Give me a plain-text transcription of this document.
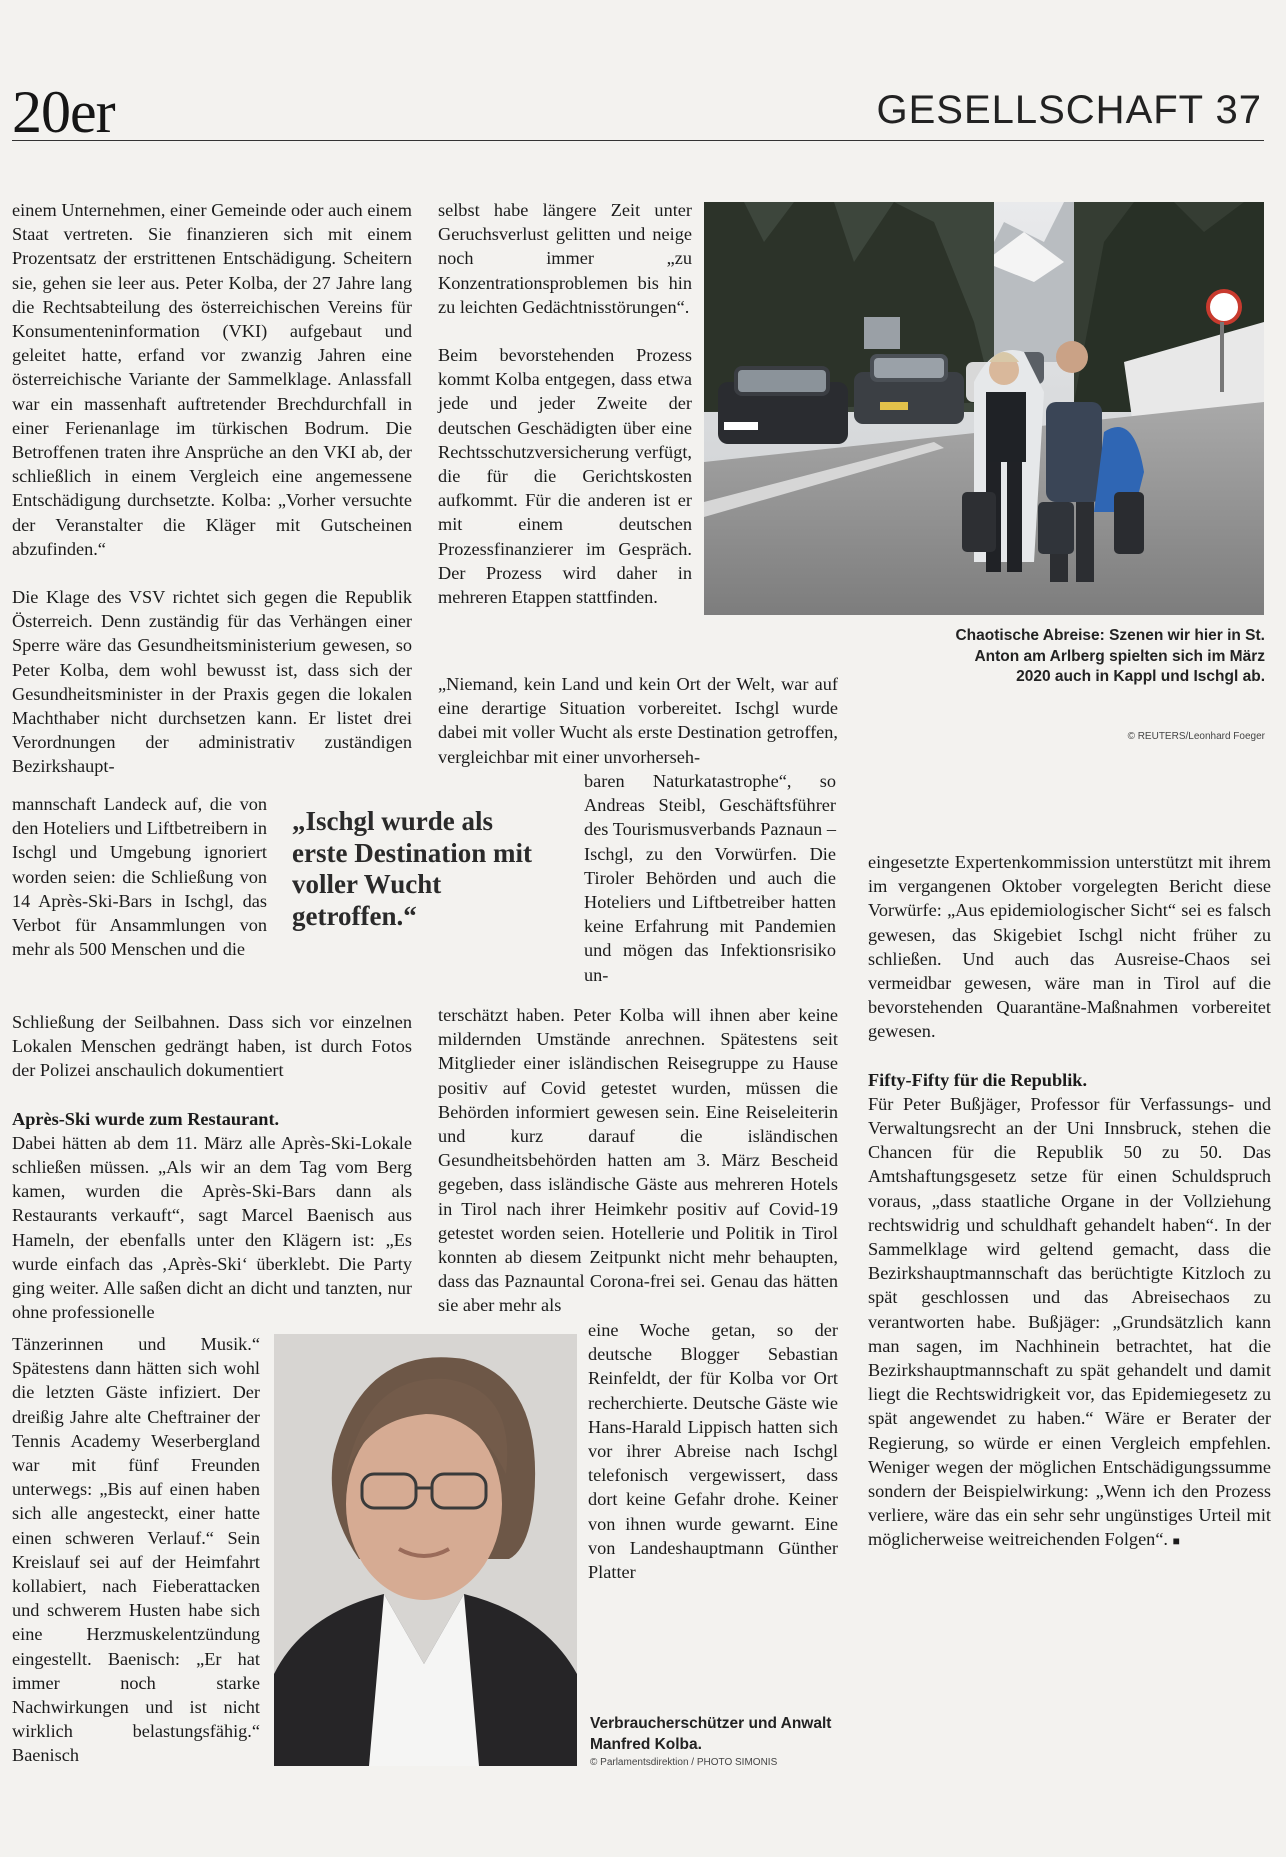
20er	GESELLSCHAFT 37

einem Unternehmen, einer Gemeinde oder auch einem Staat vertreten. Sie finanzieren sich mit einem Prozentsatz der erstrittenen Entschädigung. Scheitern sie, gehen sie leer aus. Peter Kolba, der 27 Jahre lang die Rechtsabteilung des österreichischen Vereins für Konsumenteninformation (VKI) aufgebaut und geleitet hatte, erfand vor zwanzig Jahren eine österreichische Variante der Sammelklage. Anlassfall war ein massenhaft auftretender Brechdurchfall in einer Ferienanlage im türkischen Bodrum. Die Betroffenen traten ihre Ansprüche an den VKI ab, der schließlich in einem Vergleich eine angemessene Entschädigung durchsetzte. Kolba: „Vorher versuchte der Veranstalter die Kläger mit Gutscheinen abzufinden.“

Die Klage des VSV richtet sich gegen die Republik Österreich. Denn zuständig für das Verhängen einer Sperre wäre das Gesundheitsministerium gewesen, so Peter Kolba, dem wohl bewusst ist, dass sich der Gesundheitsminister in der Praxis gegen die lokalen Machthaber nicht durchsetzen kann. Er listet drei Verordnungen der administrativ zuständigen Bezirkshaupt-

mannschaft Landeck auf, die von den Hoteliers und Liftbetreibern in Ischgl und Umgebung ignoriert worden seien: die Schließung von 14 Après-Ski-Bars in Ischgl, das Verbot für Ansammlungen von mehr als 500 Menschen und die

Schließung der Seilbahnen. Dass sich vor einzelnen Lokalen Menschen gedrängt haben, ist durch Fotos der Polizei anschaulich dokumentiert

Après-Ski wurde zum Restaurant.

Dabei hätten ab dem 11. März alle Après-Ski-Lokale schließen müssen. „Als wir an dem Tag vom Berg kamen, wurden die Après-Ski-Bars dann als Restaurants verkauft“, sagt Marcel Baenisch aus Hameln, der ebenfalls unter den Klägern ist: „Es wurde einfach das ‚Après-Ski‘ überklebt. Die Party ging weiter. Alle saßen dicht an dicht und tanzten, nur ohne professionelle

Tänzerinnen und Musik.“ Spätestens dann hätten sich wohl die letzten Gäste infiziert. Der dreißig Jahre alte Cheftrainer der Tennis Academy Weserbergland war mit fünf Freunden unterwegs: „Bis auf einen haben sich alle angesteckt, einer hatte einen schweren Verlauf.“ Sein Kreislauf sei auf der Heimfahrt kollabiert, nach Fieberattacken und schwerem Husten habe sich eine Herzmuskelentzündung eingestellt. Baenisch: „Er hat immer noch starke Nachwirkungen und ist nicht wirklich belastungsfähig.“ Baenisch

„Ischgl wurde als erste Destination mit voller Wucht getroffen.“

selbst habe längere Zeit unter Geruchsverlust gelitten und neige noch immer „zu Konzentrationsproblemen bis hin zu leichten Gedächtnisstörungen“.

Beim bevorstehenden Prozess kommt Kolba entgegen, dass etwa jede und jeder Zweite der deutschen Geschädigten über eine Rechtsschutzversicherung verfügt, die für die Gerichtskosten aufkommt. Für die anderen ist er mit einem deutschen Prozessfinanzierer im Gespräch. Der Prozess wird daher in mehreren Etappen stattfinden.

„Niemand, kein Land und kein Ort der Welt, war auf eine derartige Situation vorbereitet. Ischgl wurde dabei mit voller Wucht als erste Destination getroffen, vergleichbar mit einer unvorherseh-

baren Naturkatastrophe“, so Andreas Steibl, Geschäftsführer des Tourismusverbands Paznaun – Ischgl, zu den Vorwürfen. Die Tiroler Behörden und auch die Hoteliers und Liftbetreiber hatten keine Erfahrung mit Pandemien und mögen das Infektionsrisiko un-

terschätzt haben. Peter Kolba will ihnen aber keine mildernden Umstände anrechnen. Spätestens seit Mitglieder einer isländischen Reisegruppe zu Hause positiv auf Covid getestet wurden, müssen die Behörden informiert gewesen sein. Eine Reiseleiterin und kurz darauf die isländischen Gesundheitsbehörden hatten am 3. März Bescheid gegeben, dass isländische Gäste aus mehreren Hotels in Tirol nach ihrer Heimkehr positiv auf Covid-19 getestet worden seien. Hotellerie und Politik in Tirol konnten ab diesem Zeitpunkt nicht mehr behaupten, dass das Paznauntal Corona-frei sei. Genau das hätten sie aber mehr als

eine Woche getan, so der deutsche Blogger Sebastian Reinfeldt, der für Kolba vor Ort recherchierte. Deutsche Gäste wie Hans-Harald Lippisch hatten sich vor ihrer Abreise nach Ischgl telefonisch vergewissert, dass dort keine Gefahr drohe. Keiner von ihnen wurde gewarnt. Eine von Landeshauptmann Günther Platter

eingesetzte Expertenkommission unterstützt mit ihrem im vergangenen Oktober vorgelegten Bericht diese Vorwürfe: „Aus epidemiologischer Sicht“ sei es falsch gewesen, das Skigebiet Ischgl nicht früher zu schließen. Und auch das Ausreise-Chaos sei vermeidbar gewesen, wäre man in Tirol auf die bevorstehenden Quarantäne-Maßnahmen vorbereitet gewesen.

Fifty-Fifty für die Republik.

Für Peter Bußjäger, Professor für Verfassungs- und Verwaltungsrecht an der Uni Innsbruck, stehen die Chancen für die Republik 50 zu 50. Das Amtshaftungsgesetz setze für einen Schuldspruch voraus, „dass staatliche Organe in der Vollziehung rechtswidrig und schuldhaft gehandelt haben“. In der Sammelklage wird geltend gemacht, dass die Bezirkshauptmannschaft das berüchtigte Kitzloch zu spät geschlossen und das Abreisechaos zu verantworten habe. Bußjäger: „Grundsätzlich kann man sagen, im Nachhinein betrachtet, hat die Bezirkshauptmannschaft zu spät gehandelt und damit liegt die Rechtswidrigkeit vor, das Epidemiegesetz zu spät angewendet zu haben.“ Wäre er Berater der Regierung, so würde er einen Vergleich empfehlen. Weniger wegen der möglichen Entschädigungssumme sondern der Beispielwirkung: „Wenn ich den Prozess verliere, wäre das ein sehr sehr ungünstiges Urteil mit möglicherweise weitreichenden Folgen“. ■

Chaotische Abreise: Szenen wir hier in St. Anton am Arlberg spielten sich im März 2020 auch in Kappl und Ischgl ab.
© REUTERS/Leonhard Foeger
Verbraucherschützer und Anwalt Manfred Kolba.
© Parlamentsdirektion / PHOTO SIMONIS
